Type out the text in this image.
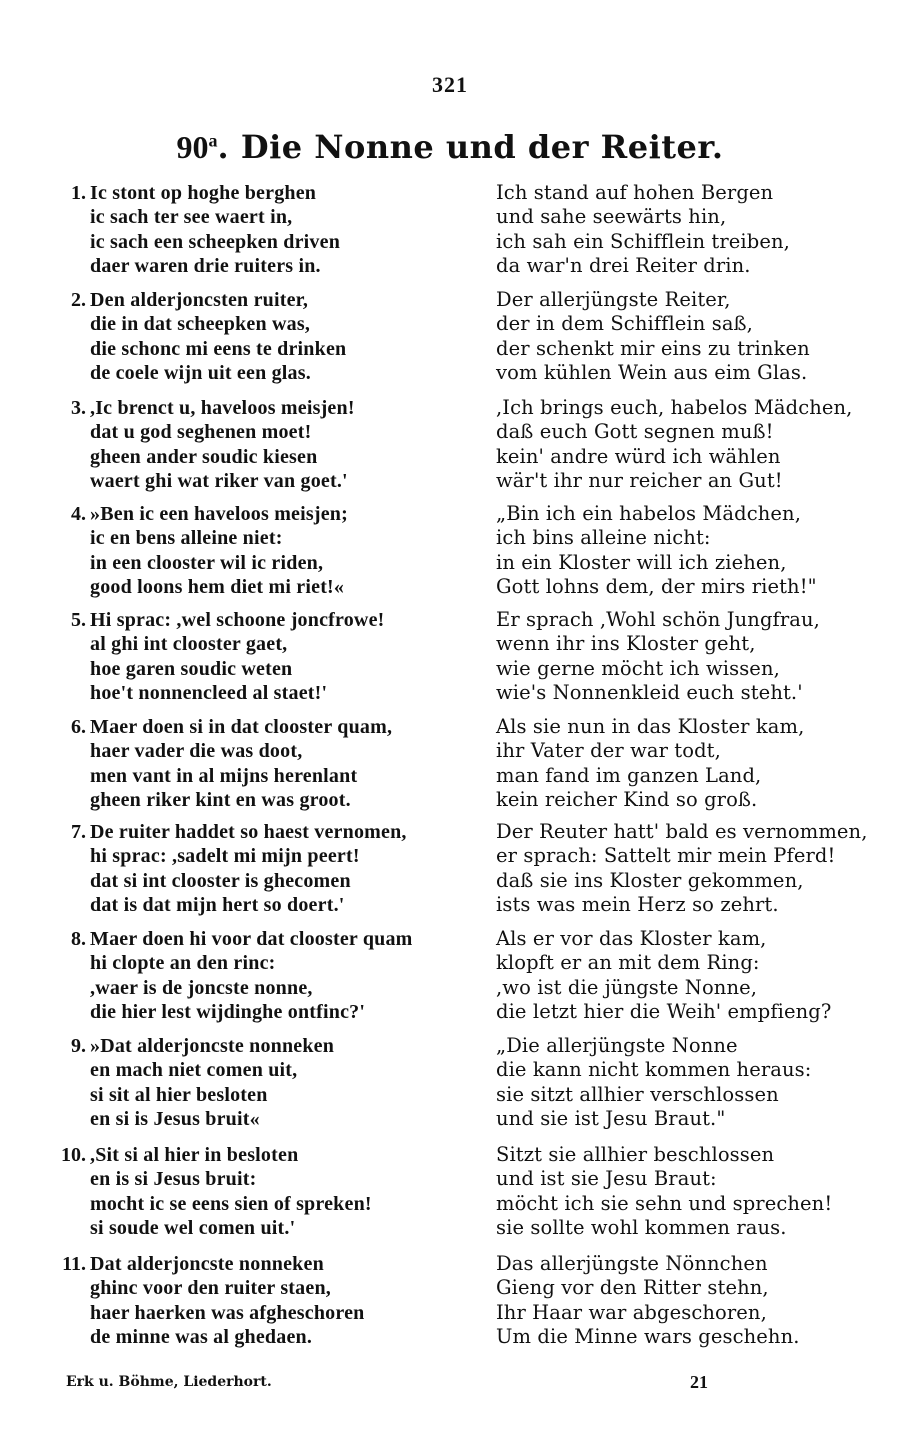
321
90$^a$. Die Nonne und der Reiter.
1. Ic stont op hoghe berghen
ic sach ter see waert in,
ic sach een scheepken driven
daer waren drie ruiters in.
Ich stand auf hohen Bergen
und sahe seewärts hin,
ich sah ein Schifflein treiben,
da war'n drei Reiter drin.
2. Den alderjoncsten ruiter,
die in dat scheepken was,
die schonc mi eens te drinken
de coele wijn uit een glas.
Der allerjüngste Reiter,
der in dem Schifflein saß,
der schenkt mir eins zu trinken
vom kühlen Wein aus eim Glas.
3. ,Ic brenct u, haveloos meisjen!
dat u god seghenen moet!
gheen ander soudic kiesen
waert ghi wat riker van goet.'
,Ich brings euch, habelos Mädchen,
daß euch Gott segnen muß!
kein' andre würd ich wählen
wär't ihr nur reicher an Gut!
4. »Ben ic een haveloos meisjen;
ic en bens alleine niet:
in een clooster wil ic riden,
good loons hem diet mi riet!«
„Bin ich ein habelos Mädchen,
ich bins alleine nicht:
in ein Kloster will ich ziehen,
Gott lohns dem, der mirs rieth!"
5. Hi sprac: ,wel schoone joncfrowe!
al ghi int clooster gaet,
hoe garen soudic weten
hoe't nonnencleed al staet!'
Er sprach ,Wohl schön Jungfrau,
wenn ihr ins Kloster geht,
wie gerne möcht ich wissen,
wie's Nonnenkleid euch steht.'
6. Maer doen si in dat clooster quam,
haer vader die was doot,
men vant in al mijns herenlant
gheen riker kint en was groot.
Als sie nun in das Kloster kam,
ihr Vater der war todt,
man fand im ganzen Land,
kein reicher Kind so groß.
7. De ruiter haddet so haest vernomen,
hi sprac: ,sadelt mi mijn peert!
dat si int clooster is ghecomen
dat is dat mijn hert so doert.'
Der Reuter hatt' bald es vernommen,
er sprach: Sattelt mir mein Pferd!
daß sie ins Kloster gekommen,
ists was mein Herz so zehrt.
8. Maer doen hi voor dat clooster quam
hi clopte an den rinc:
,waer is de joncste nonne,
die hier lest wijdinghe ontfinc?'
Als er vor das Kloster kam,
klopft er an mit dem Ring:
,wo ist die jüngste Nonne,
die letzt hier die Weih' empfieng?
9. »Dat alderjoncste nonneken
en mach niet comen uit,
si sit al hier besloten
en si is Jesus bruit«
„Die allerjüngste Nonne
die kann nicht kommen heraus:
sie sitzt allhier verschlossen
und sie ist Jesu Braut."
10. ,Sit si al hier in besloten
en is si Jesus bruit:
mocht ic se eens sien of spreken!
si soude wel comen uit.'
Sitzt sie allhier beschlossen
und ist sie Jesu Braut:
möcht ich sie sehn und sprechen!
sie sollte wohl kommen raus.
11. Dat alderjoncste nonneken
ghinc voor den ruiter staen,
haer haerken was afgheschoren
de minne was al ghedaen.
Das allerjüngste Nönnchen
Gieng vor den Ritter stehn,
Ihr Haar war abgeschoren,
Um die Minne wars geschehn.
Erk u. Böhme, Liederhort.	21
